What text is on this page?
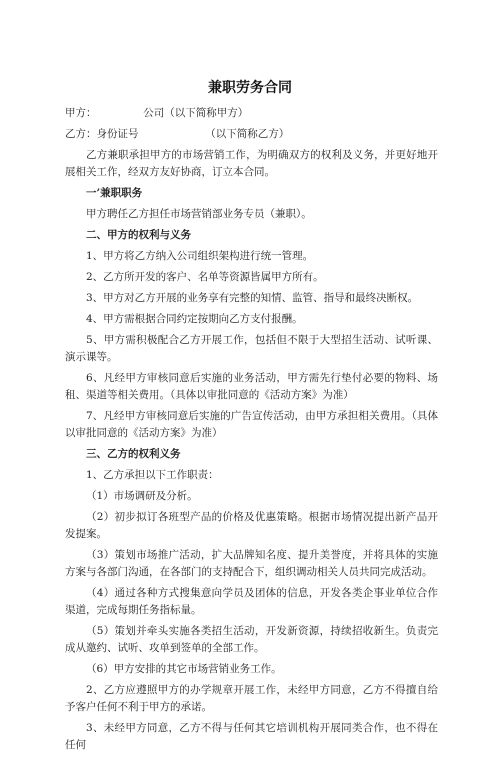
兼职劳务合同

甲方：              公司（以下简称甲方）

乙方：身份证号                    （以下简称乙方）

乙方兼职承担甲方的市场营销工作，为明确双方的权利及义务，并更好地开展相关工作，经双方友好协商，订立本合同。

一’兼职职务

甲方聘任乙方担任市场营销部业务专员（兼职）。

二、甲方的权利与义务

1、甲方将乙方纳入公司组织架构进行统一管理。

2、乙方所开发的客户、名单等资源皆属甲方所有。

3、甲方对乙方开展的业务享有完整的知情、监管、指导和最终决断权。

4、甲方需根据合同约定按期向乙方支付报酬。

5、甲方需积极配合乙方开展工作，包括但不限于大型招生活动、试听课、演示课等。

6、凡经甲方审核同意后实施的业务活动，甲方需先行垫付必要的物料、场租、渠道等相关费用。（具体以审批同意的《活动方案》为准）

7、凡经甲方审核同意后实施的广告宣传活动，由甲方承担相关费用。（具体以审批同意的《活动方案》为准）

三、乙方的权利义务

1、乙方承担以下工作职责：

（1）市场调研及分析。

（2）初步拟订各班型产品的价格及优惠策略。根据市场情况提出新产品开发提案。

（3）策划市场推广活动，扩大品牌知名度、提升美誉度，并将具体的实施方案与各部门沟通，在各部门的支持配合下，组织调动相关人员共同完成活动。

（4）通过各种方式搜集意向学员及团体的信息，开发各类企事业单位合作渠道，完成每期任务指标量。

（5）策划并牵头实施各类招生活动，开发新资源，持续招收新生。负责完成从邀约、试听、攻单到签单的全部工作。

（6）甲方安排的其它市场营销业务工作。

2、乙方应遵照甲方的办学规章开展工作，未经甲方同意，乙方不得擅自给予客户任何不利于甲方的承诺。

3、未经甲方同意，乙方不得与任何其它培训机构开展同类合作，也不得在任何
